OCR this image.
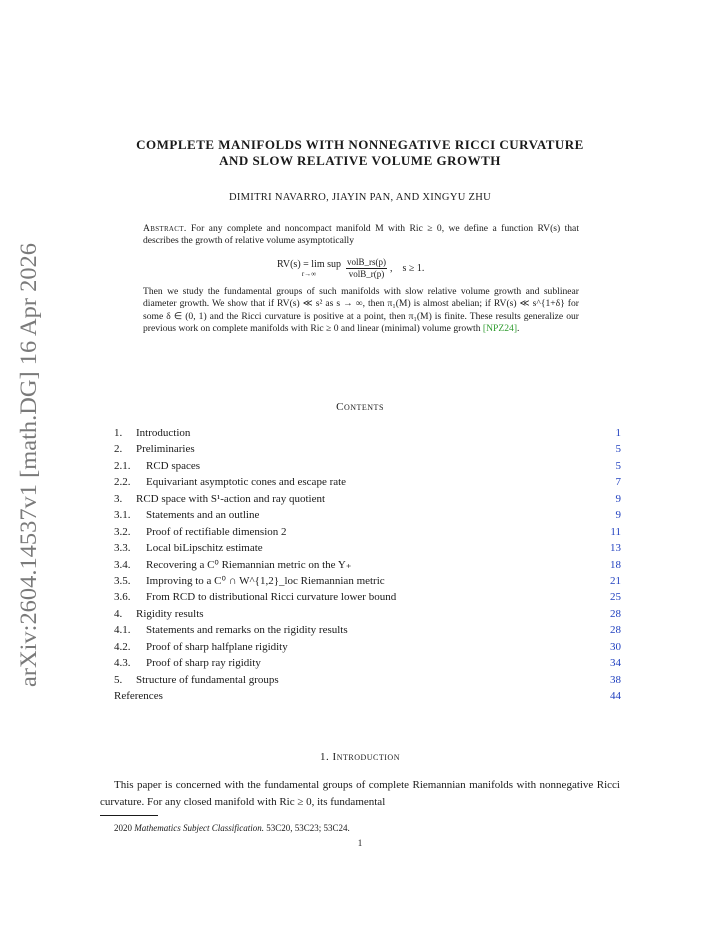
arXiv:2604.14537v1 [math.DG] 16 Apr 2026
COMPLETE MANIFOLDS WITH NONNEGATIVE RICCI CURVATURE
AND SLOW RELATIVE VOLUME GROWTH
DIMITRI NAVARRO, JIAYIN PAN, AND XINGYU ZHU
Abstract. For any complete and noncompact manifold M with Ric ≥ 0, we define a function RV(s) that describes the growth of relative volume asymptotically
RV(s) = lim sup
r→∞	$\frac{\text{volB\_rs(p)}}{\text{volB\_r(p)}}$ , s ≥ 1.
Then we study the fundamental groups of such manifolds with slow relative volume growth and sublinear diameter growth. We show that if RV(s) ≪ s² as s → ∞, then π₁(M) is almost abelian; if RV(s) ≪ s^{1+δ} for some δ ∈ (0, 1) and the Ricci curvature is positive at a point, then π₁(M) is finite. These results generalize our previous work on complete manifolds with Ric ≥ 0 and linear (minimal) volume growth [NPZ24].
Contents
1. Introduction	1
2. Preliminaries	5
2.1. RCD spaces	5
2.2. Equivariant asymptotic cones and escape rate	7
3. RCD space with S¹-action and ray quotient	9
3.1. Statements and an outline	9
3.2. Proof of rectifiable dimension 2	11
3.3. Local biLipschitz estimate	13
3.4. Recovering a C⁰ Riemannian metric on the Y₊	18
3.5. Improving to a C⁰ ∩ W^{1,2}_loc Riemannian metric	21
3.6. From RCD to distributional Ricci curvature lower bound	25
4. Rigidity results	28
4.1. Statements and remarks on the rigidity results	28
4.2. Proof of sharp halfplane rigidity	30
4.3. Proof of sharp ray rigidity	34
5. Structure of fundamental groups	38
References	44
1. Introduction
This paper is concerned with the fundamental groups of complete Riemannian manifolds with nonnegative Ricci curvature. For any closed manifold with Ric ≥ 0, its fundamental
2020 Mathematics Subject Classification. 53C20, 53C23; 53C24.
1
